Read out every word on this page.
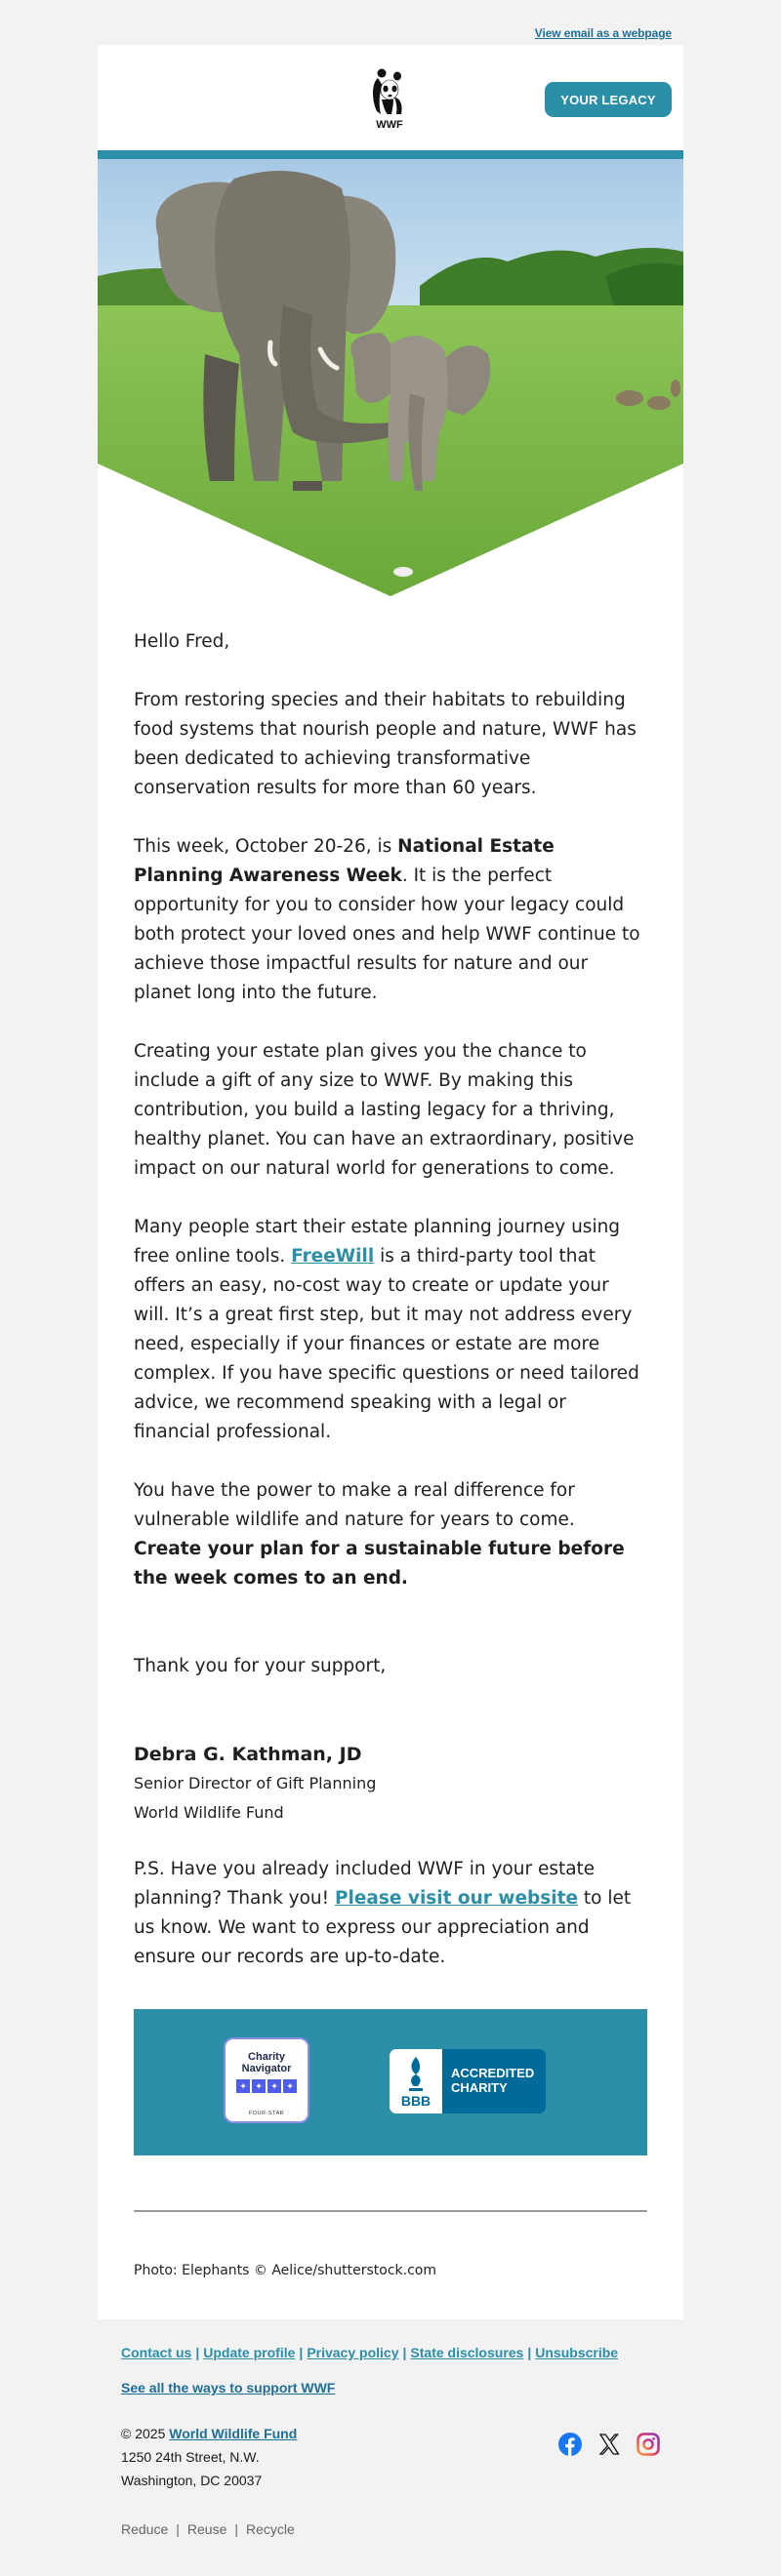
View email as a webpage
WWF
YOUR LEGACY

Hello Fred,

From restoring species and their habitats to rebuilding food systems that nourish people and nature, WWF has been dedicated to achieving transformative conservation results for more than 60 years.

This week, October 20-26, is National Estate Planning Awareness Week. It is the perfect opportunity for you to consider how your legacy could both protect your loved ones and help WWF continue to achieve those impactful results for nature and our planet long into the future.

Creating your estate plan gives you the chance to include a gift of any size to WWF. By making this contribution, you build a lasting legacy for a thriving, healthy planet. You can have an extraordinary, positive impact on our natural world for generations to come.

Many people start their estate planning journey using free online tools. FreeWill is a third-party tool that offers an easy, no-cost way to create or update your will. It’s a great first step, but it may not address every need, especially if your finances or estate are more complex. If you have specific questions or need tailored advice, we recommend speaking with a legal or financial professional.

You have the power to make a real difference for vulnerable wildlife and nature for years to come. Create your plan for a sustainable future before the week comes to an end.

Thank you for your support,

Debra G. Kathman, JD
Senior Director of Gift Planning
World Wildlife Fund

P.S. Have you already included WWF in your estate planning? Thank you! Please visit our website to let us know. We want to express our appreciation and ensure our records are up-to-date.

Charity
Navigator
✦ ✦ ✦ ✦
FOUR-STAR
BBB
ACCREDITED
CHARITY
Photo: Elephants © Aelice/shutterstock.com
Contact us | Update profile | Privacy policy | State disclosures | Unsubscribe
See all the ways to support WWF
© 2025 World Wildlife Fund
1250 24th Street, N.W.
Washington, DC 20037
Reduce | Reuse | Recycle
